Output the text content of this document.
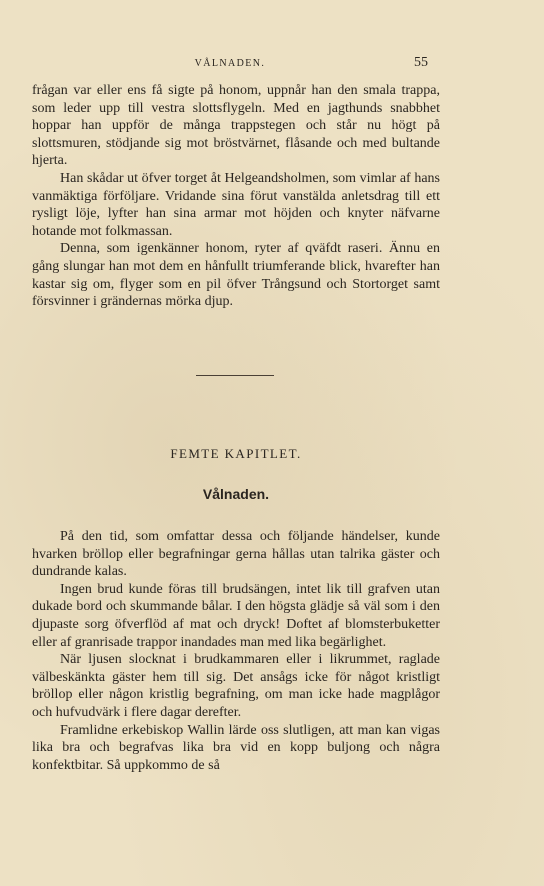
VÅLNADEN.	55

frågan var eller ens få sigte på honom, uppnår han den smala trappa, som leder upp till vestra slottsflygeln. Med en jagthunds snabbhet hoppar han uppför de många trappstegen och står nu högt på slottsmuren, stödjande sig mot bröstvärnet, flåsande och med bultande hjerta.

Han skådar ut öfver torget åt Helgeandsholmen, som vimlar af hans vanmäktiga förföljare. Vridande sina förut vanstälda anletsdrag till ett rysligt löje, lyfter han sina armar mot höjden och knyter näfvarne hotande mot folkmassan.

Denna, som igenkänner honom, ryter af qväfdt raseri. Ännu en gång slungar han mot dem en hånfullt triumferande blick, hvarefter han kastar sig om, flyger som en pil öfver Trångsund och Stortorget samt försvinner i grändernas mörka djup.

FEMTE KAPITLET.
Vålnaden.

På den tid, som omfattar dessa och följande händelser, kunde hvarken bröllop eller begrafningar gerna hållas utan talrika gäster och dundrande kalas.

Ingen brud kunde föras till brudsängen, intet lik till grafven utan dukade bord och skummande bålar. I den högsta glädje så väl som i den djupaste sorg öfverflöd af mat och dryck! Doftet af blomsterbuketter eller af granrisade trappor inandades man med lika begärlighet.

När ljusen slocknat i brudkammaren eller i likrummet, raglade välbeskänkta gäster hem till sig. Det ansågs icke för något kristligt bröllop eller någon kristlig begrafning, om man icke hade magplågor och hufvudvärk i flere dagar derefter.

Framlidne erkebiskop Wallin lärde oss slutligen, att man kan vigas lika bra och begrafvas lika bra vid en kopp buljong och några konfektbitar. Så uppkommo de så
